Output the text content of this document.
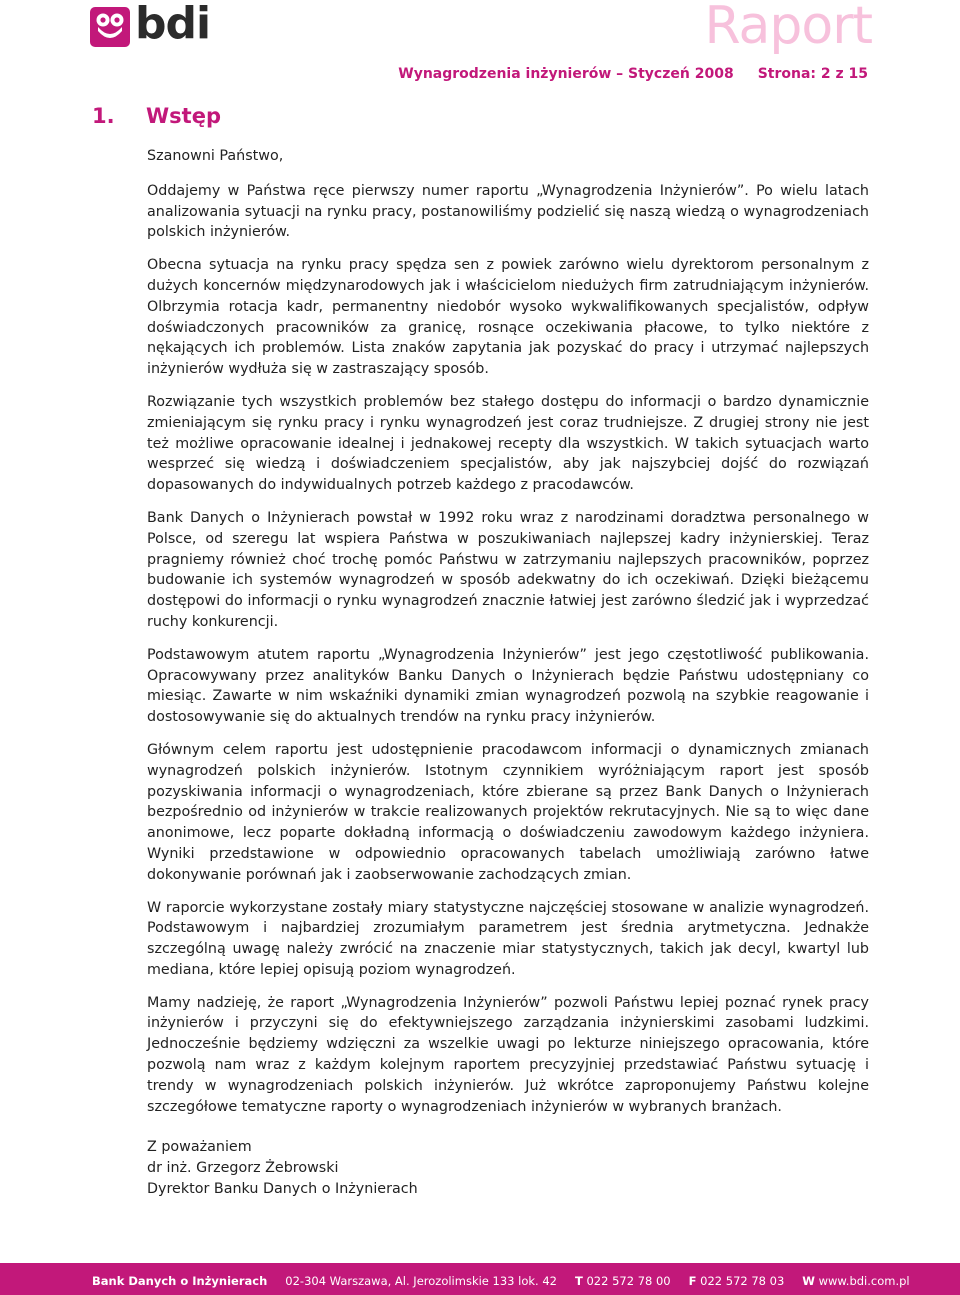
bdi	Raport
Wynagrodzenia inżynierów – Styczeń 2008 Strona: 2 z 15
1. Wstęp

Szanowni Państwo,

Oddajemy w Państwa ręce pierwszy numer raportu „Wynagrodzenia Inżynierów”. Po wielu latach analizowania sytuacji na rynku pracy, postanowiliśmy podzielić się naszą wiedzą o wynagrodzeniach polskich inżynierów.

Obecna sytuacja na rynku pracy spędza sen z powiek zarówno wielu dyrektorom personalnym z dużych koncernów międzynarodowych jak i właścicielom niedużych firm zatrudniającym inżynierów. Olbrzymia rotacja kadr, permanentny niedobór wysoko wykwalifikowanych specjalistów, odpływ doświadczonych pracowników za granicę, rosnące oczekiwania płacowe, to tylko niektóre z nękających ich problemów. Lista znaków zapytania jak pozyskać do pracy i utrzymać najlepszych inżynierów wydłuża się w zastraszający sposób.

Rozwiązanie tych wszystkich problemów bez stałego dostępu do informacji o bardzo dynamicznie zmieniającym się rynku pracy i rynku wynagrodzeń jest coraz trudniejsze. Z drugiej strony nie jest też możliwe opracowanie idealnej i jednakowej recepty dla wszystkich. W takich sytuacjach warto wesprzeć się wiedzą i doświadczeniem specjalistów, aby jak najszybciej dojść do rozwiązań dopasowanych do indywidualnych potrzeb każdego z pracodawców.

Bank Danych o Inżynierach powstał w 1992 roku wraz z narodzinami doradztwa personalnego w Polsce, od szeregu lat wspiera Państwa w poszukiwaniach najlepszej kadry inżynierskiej. Teraz pragniemy również choć trochę pomóc Państwu w zatrzymaniu najlepszych pracowników, poprzez budowanie ich systemów wynagrodzeń w sposób adekwatny do ich oczekiwań. Dzięki bieżącemu dostępowi do informacji o rynku wynagrodzeń znacznie łatwiej jest zarówno śledzić jak i wyprzedzać ruchy konkurencji.

Podstawowym atutem raportu „Wynagrodzenia Inżynierów” jest jego częstotliwość publikowania. Opracowywany przez analityków Banku Danych o Inżynierach będzie Państwu udostępniany co miesiąc. Zawarte w nim wskaźniki dynamiki zmian wynagrodzeń pozwolą na szybkie reagowanie i dostosowywanie się do aktualnych trendów na rynku pracy inżynierów.

Głównym celem raportu jest udostępnienie pracodawcom informacji o dynamicznych zmianach wynagrodzeń polskich inżynierów. Istotnym czynnikiem wyróżniającym raport jest sposób pozyskiwania informacji o wynagrodzeniach, które zbierane są przez Bank Danych o Inżynierach bezpośrednio od inżynierów w trakcie realizowanych projektów rekrutacyjnych. Nie są to więc dane anonimowe, lecz poparte dokładną informacją o doświadczeniu zawodowym każdego inżyniera. Wyniki przedstawione w odpowiednio opracowanych tabelach umożliwiają zarówno łatwe dokonywanie porównań jak i zaobserwowanie zachodzących zmian.

W raporcie wykorzystane zostały miary statystyczne najczęściej stosowane w analizie wynagrodzeń. Podstawowym i najbardziej zrozumiałym parametrem jest średnia arytmetyczna. Jednakże szczególną uwagę należy zwrócić na znaczenie miar statystycznych, takich jak decyl, kwartyl lub mediana, które lepiej opisują poziom wynagrodzeń.

Mamy nadzieję, że raport „Wynagrodzenia Inżynierów” pozwoli Państwu lepiej poznać rynek pracy inżynierów i przyczyni się do efektywniejszego zarządzania inżynierskimi zasobami ludzkimi. Jednocześnie będziemy wdzięczni za wszelkie uwagi po lekturze niniejszego opracowania, które pozwolą nam wraz z każdym kolejnym raportem precyzyjniej przedstawiać Państwu sytuację i trendy w wynagrodzeniach polskich inżynierów. Już wkrótce zaproponujemy Państwu kolejne szczegółowe tematyczne raporty o wynagrodzeniach inżynierów w wybranych branżach.

Z poważaniem
dr inż. Grzegorz Żebrowski
Dyrektor Banku Danych o Inżynierach
Bank Danych o Inżynierach 02-304 Warszawa, Al. Jerozolimskie 133 lok. 42 T 022 572 78 00 F 022 572 78 03 W www.bdi.com.pl
